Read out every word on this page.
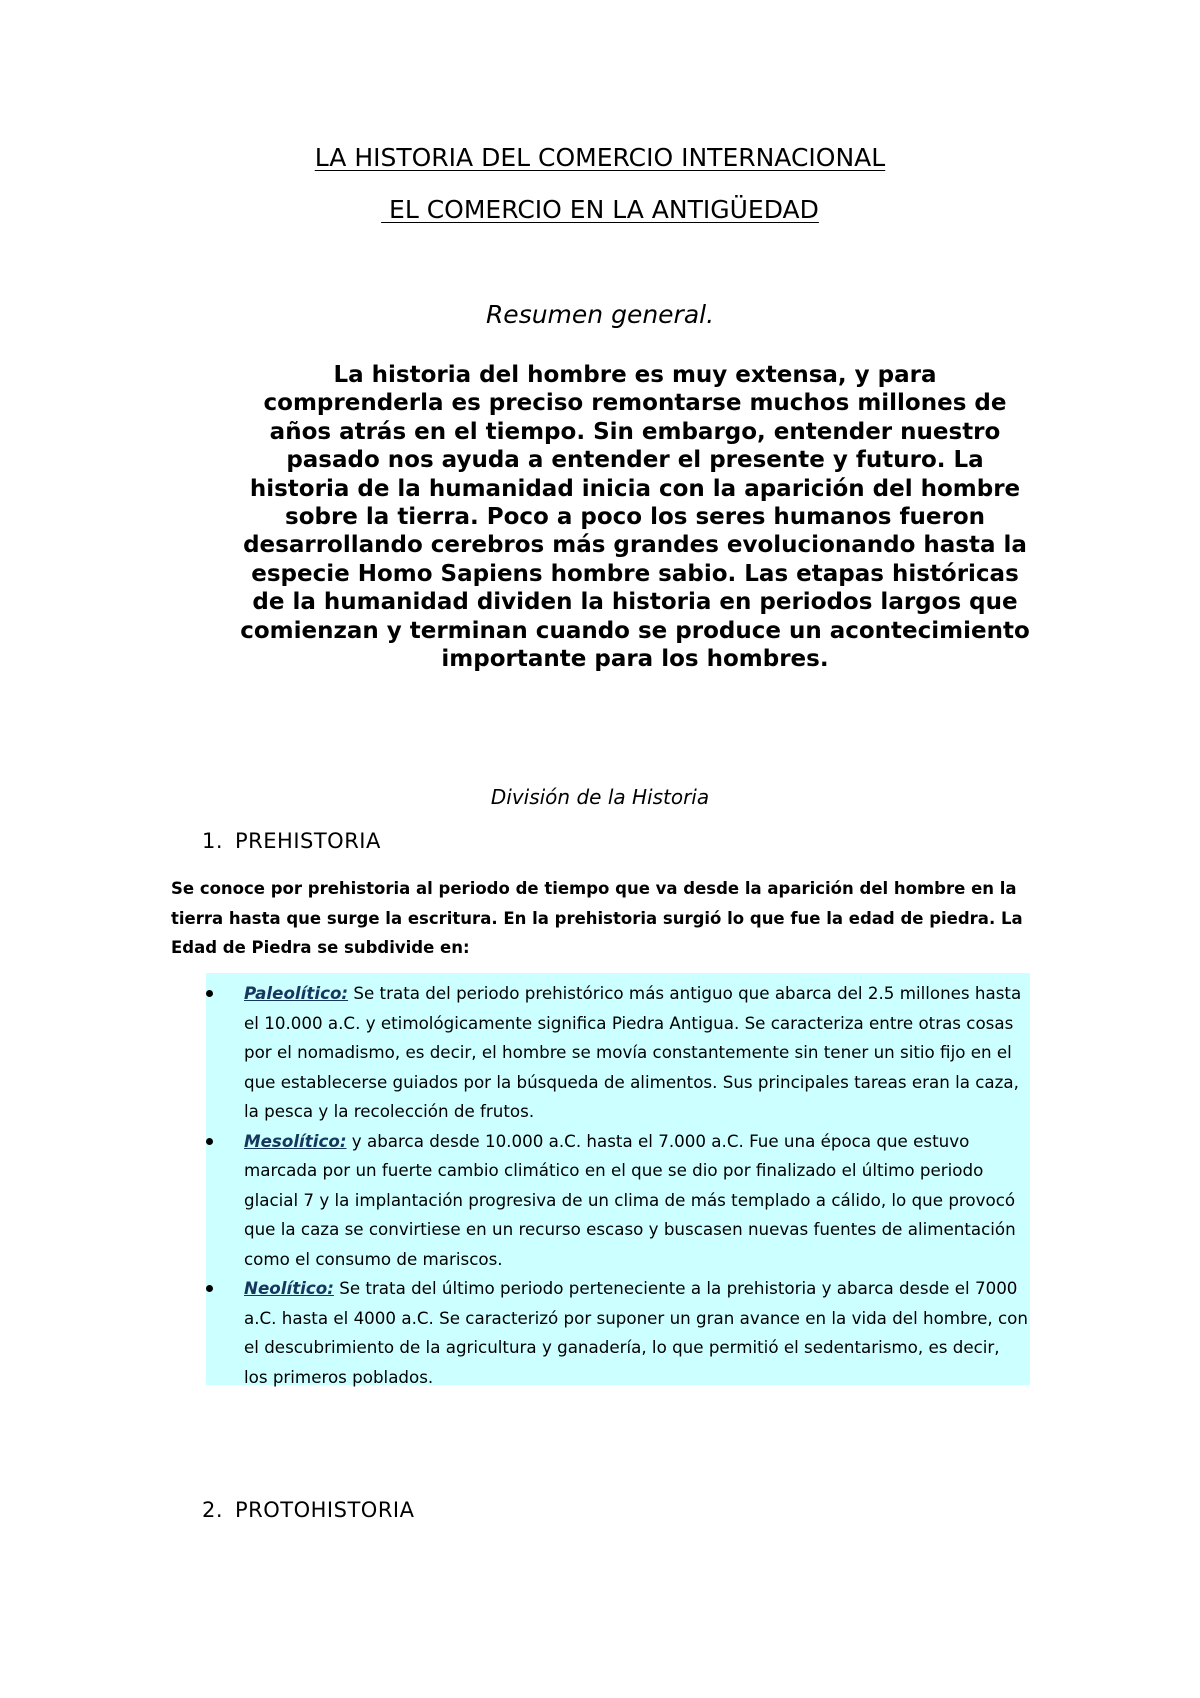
LA HISTORIA DEL COMERCIO INTERNACIONAL
EL COMERCIO EN LA ANTIGÜEDAD
Resumen general.
La historia del hombre es muy extensa, y para comprenderla es preciso remontarse muchos millones de años atrás en el tiempo. Sin embargo, entender nuestro pasado nos ayuda a entender el presente y futuro. La historia de la humanidad inicia con la aparición del hombre sobre la tierra. Poco a poco los seres humanos fueron desarrollando cerebros más grandes evolucionando hasta la especie Homo Sapiens hombre sabio. Las etapas históricas de la humanidad dividen la historia en periodos largos que comienzan y terminan cuando se produce un acontecimiento importante para los hombres.
División de la Historia
1. PREHISTORIA
Se conoce por prehistoria al periodo de tiempo que va desde la aparición del hombre en la tierra hasta que surge la escritura. En la prehistoria surgió lo que fue la edad de piedra. La Edad de Piedra se subdivide en:
Paleolítico: Se trata del periodo prehistórico más antiguo que abarca del 2.5 millones hasta el 10.000 a.C. y etimológicamente significa Piedra Antigua. Se caracteriza entre otras cosas por el nomadismo, es decir, el hombre se movía constantemente sin tener un sitio fijo en el que establecerse guiados por la búsqueda de alimentos. Sus principales tareas eran la caza, la pesca y la recolección de frutos.
Mesolítico: y abarca desde 10.000 a.C. hasta el 7.000 a.C. Fue una época que estuvo marcada por un fuerte cambio climático en el que se dio por finalizado el último periodo glacial 7 y la implantación progresiva de un clima de más templado a cálido, lo que provocó que la caza se convirtiese en un recurso escaso y buscasen nuevas fuentes de alimentación como el consumo de mariscos.
Neolítico: Se trata del último periodo perteneciente a la prehistoria y abarca desde el 7000 a.C. hasta el 4000 a.C. Se caracterizó por suponer un gran avance en la vida del hombre, con el descubrimiento de la agricultura y ganadería, lo que permitió el sedentarismo, es decir, los primeros poblados.
2. PROTOHISTORIA
